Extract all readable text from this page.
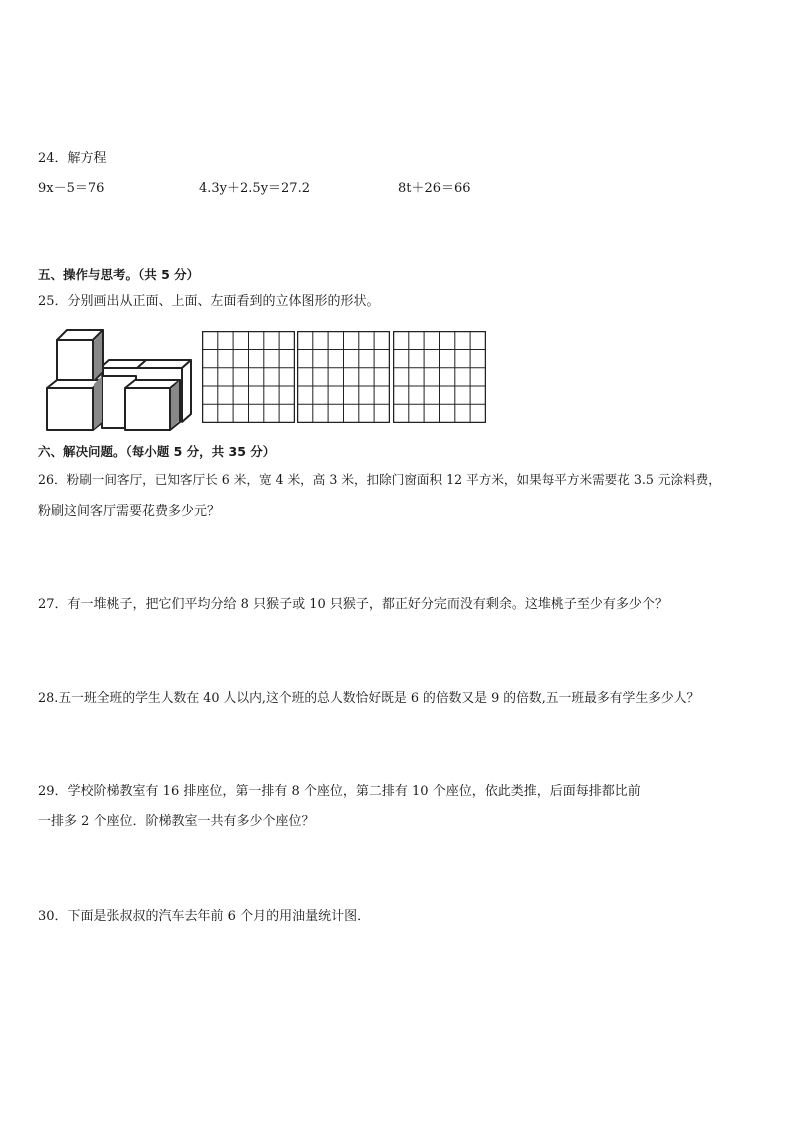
24．解方程
9x－5＝76	4.3y＋2.5y＝27.2	8t＋26＝66
五、操作与思考。（共 5 分）
25．分别画出从正面、上面、左面看到的立体图形的形状。
六、解决问题。（每小题 5 分，共 35 分）
26．粉刷一间客厅，已知客厅长 6 米，宽 4 米，高 3 米，扣除门窗面积 12 平方米，如果每平方米需要花 3.5 元涂料费，
粉刷这间客厅需要花费多少元？
27．有一堆桃子，把它们平均分给 8 只猴子或 10 只猴子，都正好分完而没有剩余。这堆桃子至少有多少个？
28.五一班全班的学生人数在 40 人以内,这个班的总人数恰好既是 6 的倍数又是 9 的倍数,五一班最多有学生多少人？
29．学校阶梯教室有 16 排座位，第一排有 8 个座位，第二排有 10 个座位，依此类推，后面每排都比前
一排多 2 个座位．阶梯教室一共有多少个座位？
30．下面是张叔叔的汽车去年前 6 个月的用油量统计图．
